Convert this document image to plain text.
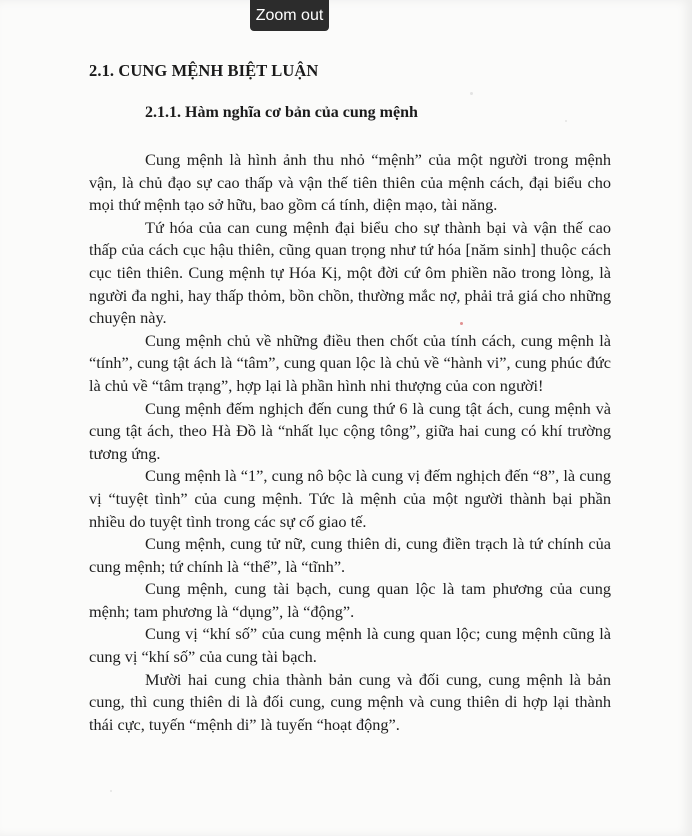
2.1. CUNG MỆNH BIỆT LUẬN
2.1.1. Hàm nghĩa cơ bản của cung mệnh

Cung mệnh là hình ảnh thu nhỏ “mệnh” của một người trong mệnh vận, là chủ đạo sự cao thấp và vận thế tiên thiên của mệnh cách, đại biểu cho mọi thứ mệnh tạo sở hữu, bao gồm cá tính, diện mạo, tài năng.

Tứ hóa của can cung mệnh đại biểu cho sự thành bại và vận thế cao thấp của cách cục hậu thiên, cũng quan trọng như tứ hóa [năm sinh] thuộc cách cục tiên thiên. Cung mệnh tự Hóa Kị, một đời cứ ôm phiền não trong lòng, là người đa nghi, hay thấp thỏm, bồn chồn, thường mắc nợ, phải trả giá cho những chuyện này.

Cung mệnh chủ về những điều then chốt của tính cách, cung mệnh là “tính”, cung tật ách là “tâm”, cung quan lộc là chủ về “hành vi”, cung phúc đức là chủ về “tâm trạng”, hợp lại là phần hình nhi thượng của con người!

Cung mệnh đếm nghịch đến cung thứ 6 là cung tật ách, cung mệnh và cung tật ách, theo Hà Đồ là “nhất lục cộng tông”, giữa hai cung có khí trường tương ứng.

Cung mệnh là “1”, cung nô bộc là cung vị đếm nghịch đến “8”, là cung vị “tuyệt tình” của cung mệnh. Tức là mệnh của một người thành bại phần nhiều do tuyệt tình trong các sự cố giao tế.

Cung mệnh, cung tử nữ, cung thiên di, cung điền trạch là tứ chính của cung mệnh; tứ chính là “thể”, là “tĩnh”.

Cung mệnh, cung tài bạch, cung quan lộc là tam phương của cung mệnh; tam phương là “dụng”, là “động”.

Cung vị “khí số” của cung mệnh là cung quan lộc; cung mệnh cũng là cung vị “khí số” của cung tài bạch.

Mười hai cung chia thành bản cung và đối cung, cung mệnh là bản cung, thì cung thiên di là đối cung, cung mệnh và cung thiên di hợp lại thành thái cực, tuyến “mệnh di” là tuyến “hoạt động”.

Zoom out
